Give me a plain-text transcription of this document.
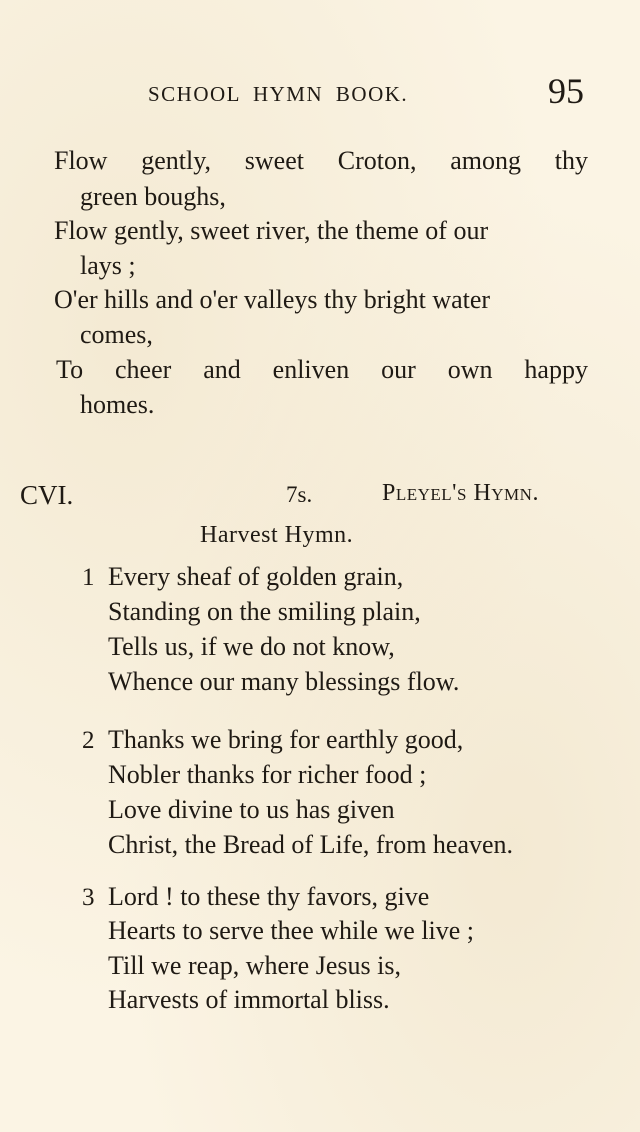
SCHOOL HYMN BOOK.	95
Flow gently, sweet Croton, among thy
green boughs,
Flow gently, sweet river, the theme of our
lays ;
O'er hills and o'er valleys thy bright water
comes,
To cheer and enliven our own happy
homes.
CVI.	7s.	Pleyel's Hymn.
Harvest Hymn.
1 Every sheaf of golden grain,
Standing on the smiling plain,
Tells us, if we do not know,
Whence our many blessings flow.
2 Thanks we bring for earthly good,
Nobler thanks for richer food ;
Love divine to us has given
Christ, the Bread of Life, from heaven.
3 Lord ! to these thy favors, give
Hearts to serve thee while we live ;
Till we reap, where Jesus is,
Harvests of immortal bliss.
